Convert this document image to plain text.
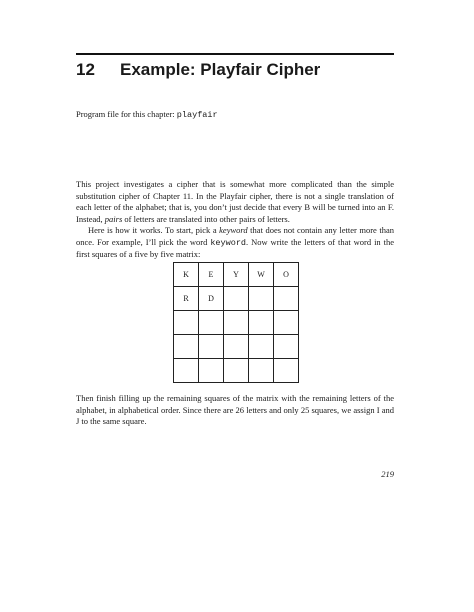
12 Example: Playfair Cipher
Program file for this chapter: playfair

This project investigates a cipher that is somewhat more complicated than the simple substitution cipher of Chapter 11. In the Playfair cipher, there is not a single translation of each letter of the alphabet; that is, you don’t just decide that every B will be turned into an F. Instead, pairs of letters are translated into other pairs of letters.

Here is how it works. To start, pick a keyword that does not contain any letter more than once. For example, I’ll pick the word keyword. Now write the letters of that word in the first squares of a five by five matrix:

K	E	Y	W	O
R	D			

Then finish filling up the remaining squares of the matrix with the remaining letters of the alphabet, in alphabetical order. Since there are 26 letters and only 25 squares, we assign I and J to the same square.

219
